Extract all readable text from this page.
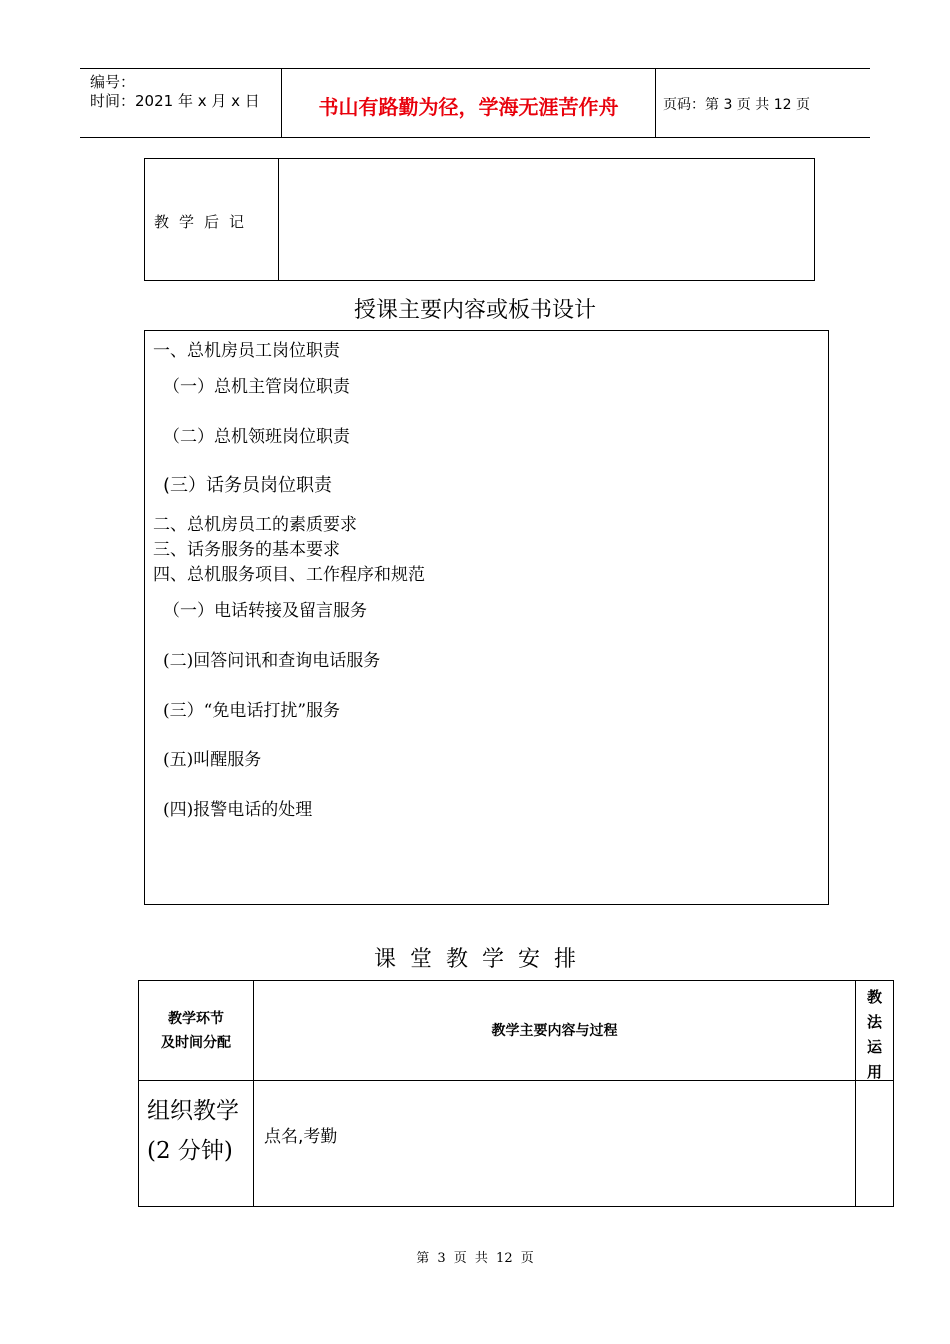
编号：
时间：2021 年 x 月 x 日	书山有路勤为径，学海无涯苦作舟	页码：第 3 页 共 12 页
教学后记
授课主要内容或板书设计
一、总机房员工岗位职责
（一）总机主管岗位职责
（二）总机领班岗位职责
(三）话务员岗位职责
二、总机房员工的素质要求
三、话务服务的基本要求
四、总机服务项目、工作程序和规范
（一）电话转接及留言服务
(二)回答问讯和查询电话服务
(三）“免电话打扰”服务
(五)叫醒服务
(四)报警电话的处理
课堂教学安排
教学环节
及时间分配
教学主要内容与过程
教
法
运
用
组织教学
(2 分钟)
点名,考勤
第 3 页 共 12 页
